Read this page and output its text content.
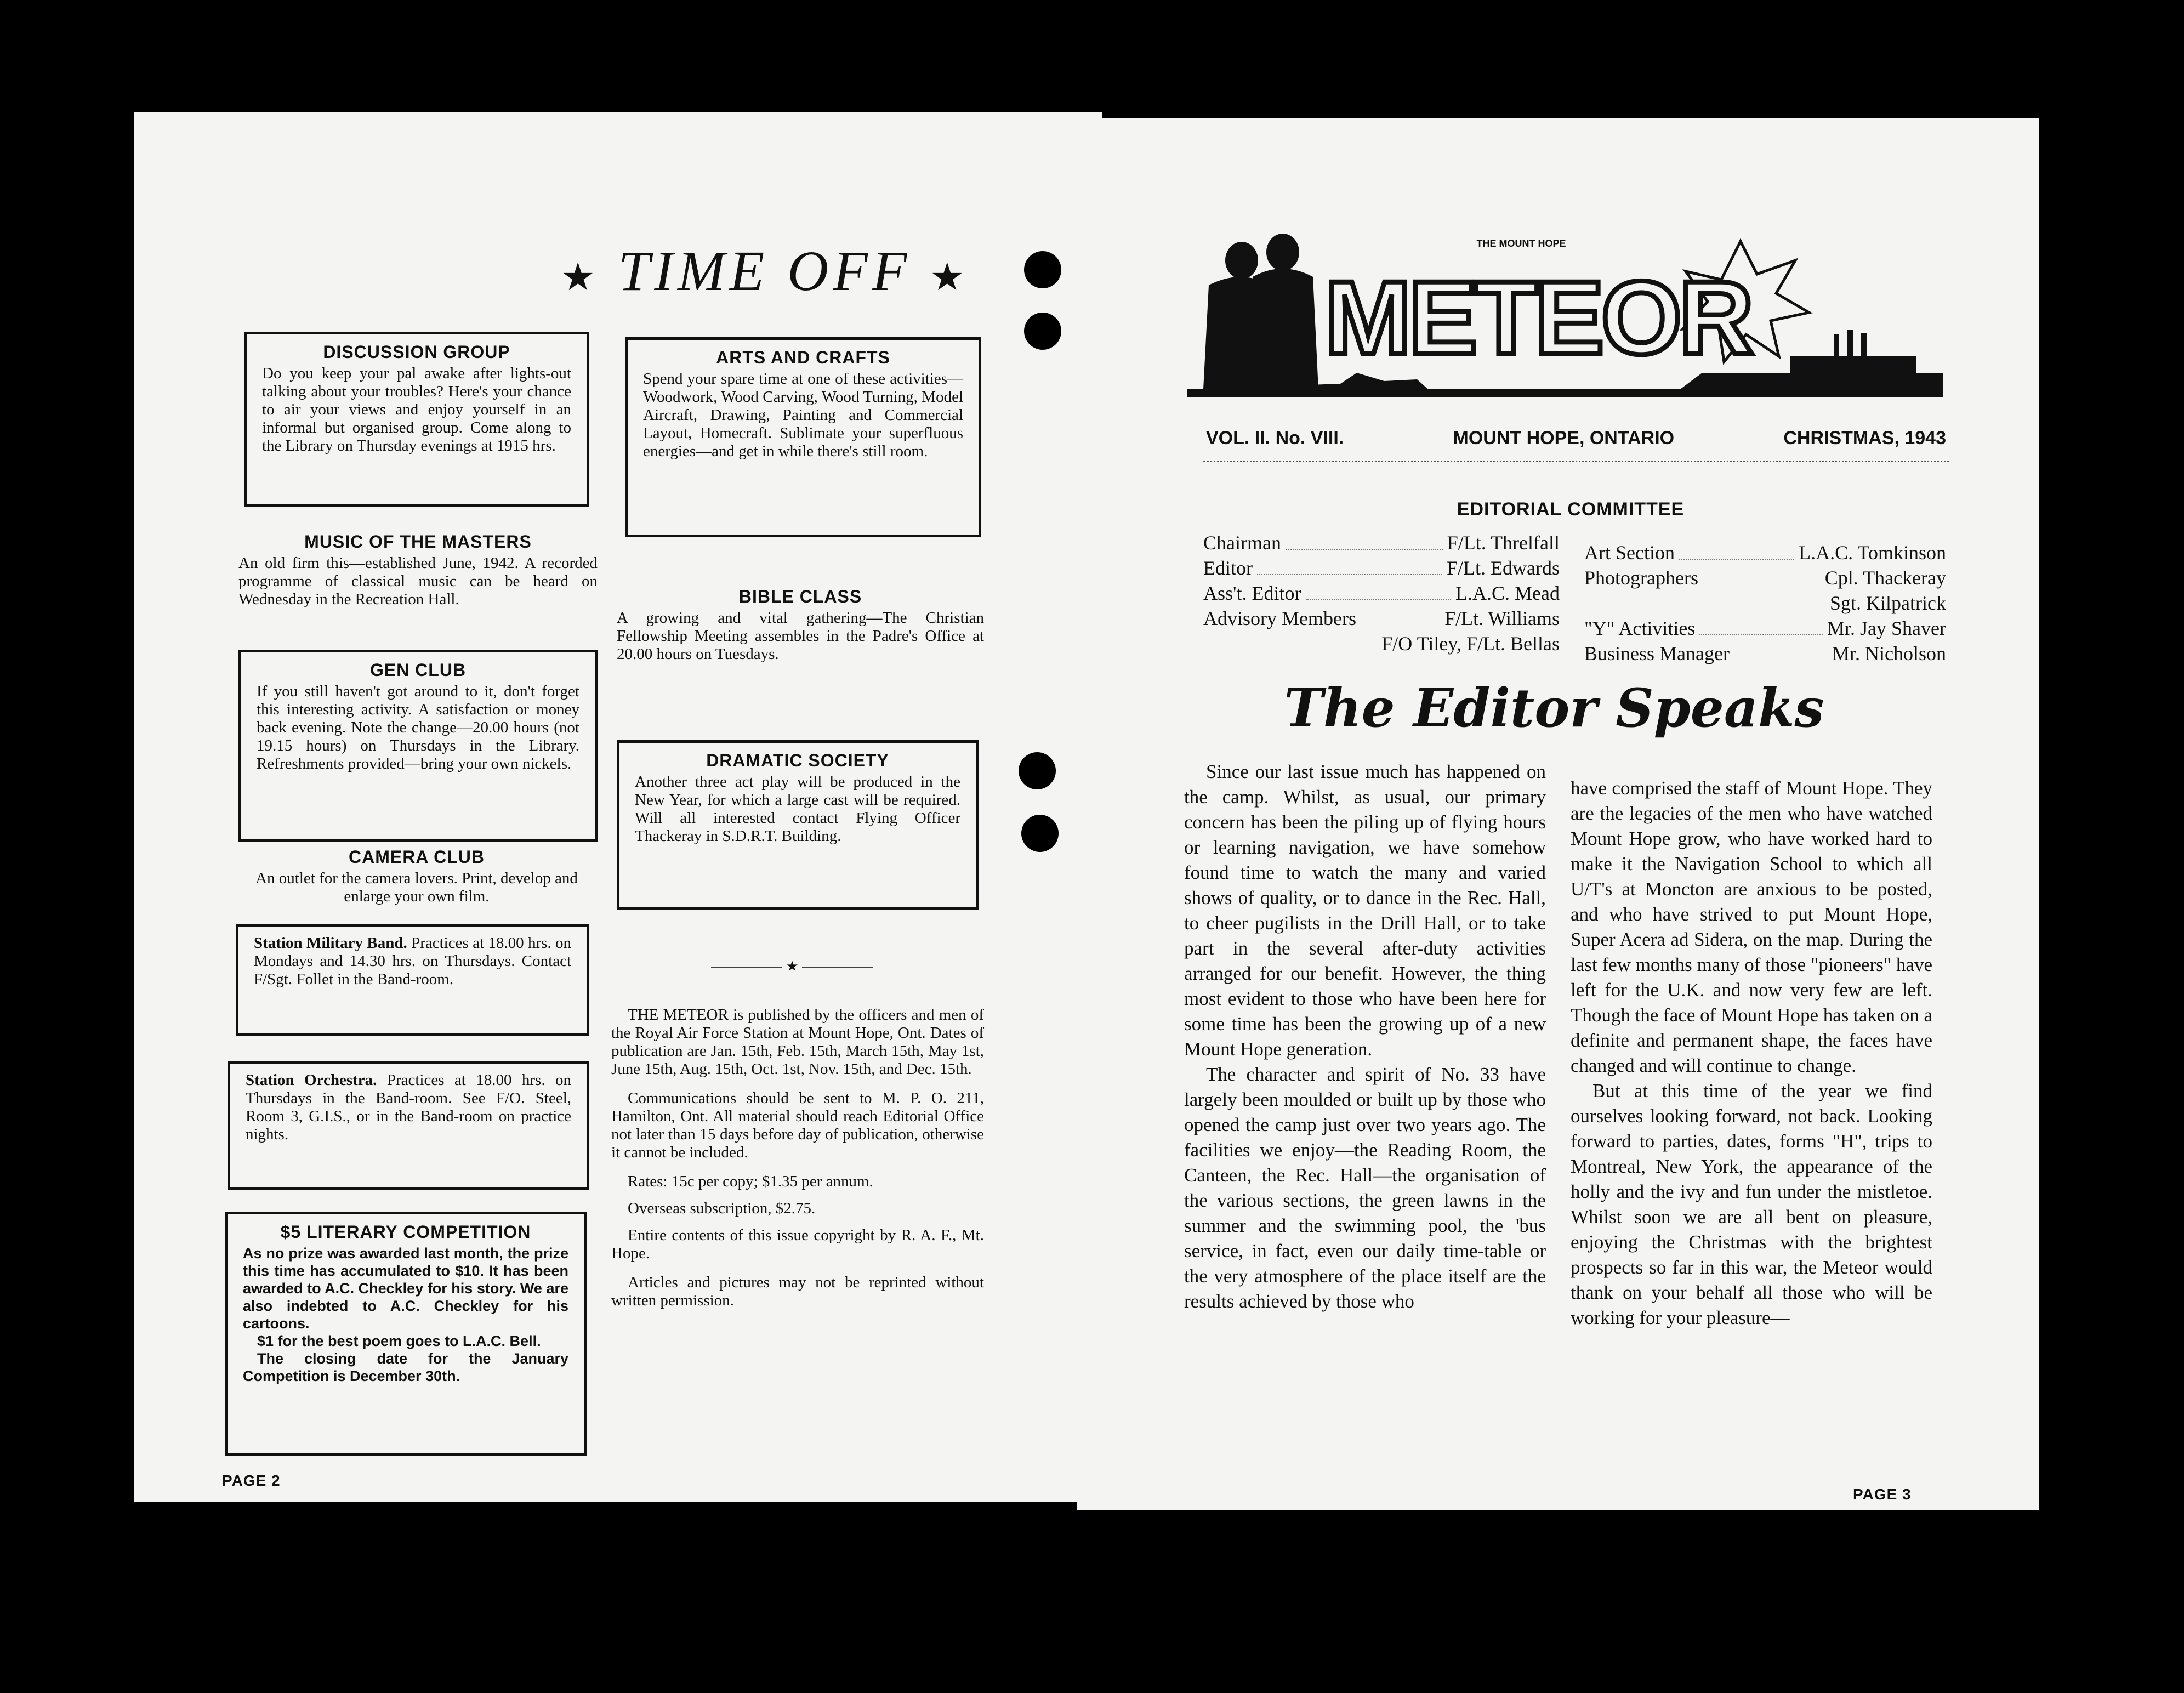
★ TIME OFF ★
DISCUSSION GROUP

Do you keep your pal awake after lights-out talking about your troubles? Here's your chance to air your views and enjoy yourself in an informal but organised group. Come along to the Library on Thursday evenings at 1915 hrs.

MUSIC OF THE MASTERS

An old firm this—established June, 1942. A recorded programme of classical music can be heard on Wednesday in the Recreation Hall.

GEN CLUB

If you still haven't got around to it, don't forget this interesting activity. A satisfaction or money back evening. Note the change—20.00 hours (not 19.15 hours) on Thursdays in the Library. Refreshments provided—bring your own nickels.

CAMERA CLUB

An outlet for the camera lovers. Print, develop and enlarge your own film.

Station Military Band. Practices at 18.00 hrs. on Mondays and 14.30 hrs. on Thursdays. Contact F/Sgt. Follet in the Band-room.

Station Orchestra. Practices at 18.00 hrs. on Thursdays in the Band-room. See F/O. Steel, Room 3, G.I.S., or in the Band-room on practice nights.

$5 LITERARY COMPETITION

As no prize was awarded last month, the prize this time has accumulated to $10. It has been awarded to A.C. Checkley for his story. We are also indebted to A.C. Checkley for his cartoons.

$1 for the best poem goes to L.A.C. Bell.

The closing date for the January Competition is December 30th.

ARTS AND CRAFTS

Spend your spare time at one of these activities—Woodwork, Wood Carving, Wood Turning, Model Aircraft, Drawing, Painting and Commercial Layout, Homecraft. Sublimate your superfluous energies—and get in while there's still room.

BIBLE CLASS

A growing and vital gathering—The Christian Fellowship Meeting assembles in the Padre's Office at 20.00 hours on Tuesdays.

DRAMATIC SOCIETY

Another three act play will be produced in the New Year, for which a large cast will be required. Will all interested contact Flying Officer Thackeray in S.D.R.T. Building.

★

THE METEOR is published by the officers and men of the Royal Air Force Station at Mount Hope, Ont. Dates of publication are Jan. 15th, Feb. 15th, March 15th, May 1st, June 15th, Aug. 15th, Oct. 1st, Nov. 15th, and Dec. 15th.

Communications should be sent to M. P. O. 211, Hamilton, Ont. All material should reach Editorial Office not later than 15 days before day of publication, otherwise it cannot be included.

Rates: 15c per copy; $1.35 per annum.

Overseas subscription, $2.75.

Entire contents of this issue copyright by R. A. F., Mt. Hope.

Articles and pictures may not be reprinted without written permission.

PAGE 2
THE MOUNT HOPE
METEOR
VOL. II. No. VIII.	MOUNT HOPE, ONTARIO	CHRISTMAS, 1943
EDITORIAL COMMITTEE
Chairman	F/Lt. Threlfall
Editor	F/Lt. Edwards
Ass't. Editor	L.A.C. Mead
Advisory Members	F/Lt. Williams
F/O Tiley, F/Lt. Bellas
Art Section	L.A.C. Tomkinson
Photographers	Cpl. Thackeray
Sgt. Kilpatrick
"Y" Activities	Mr. Jay Shaver
Business Manager	Mr. Nicholson
The Editor Speaks

Since our last issue much has happened on the camp. Whilst, as usual, our primary concern has been the piling up of flying hours or learning navigation, we have somehow found time to watch the many and varied shows of quality, or to dance in the Rec. Hall, to cheer pugilists in the Drill Hall, or to take part in the several after-duty activities arranged for our benefit. However, the thing most evident to those who have been here for some time has been the growing up of a new Mount Hope generation.

The character and spirit of No. 33 have largely been moulded or built up by those who opened the camp just over two years ago. The facilities we enjoy—the Reading Room, the Canteen, the Rec. Hall—the organisation of the various sections, the green lawns in the summer and the swimming pool, the 'bus service, in fact, even our daily time-table or the very atmosphere of the place itself are the results achieved by those who

have comprised the staff of Mount Hope. They are the legacies of the men who have watched Mount Hope grow, who have worked hard to make it the Navigation School to which all U/T's at Moncton are anxious to be posted, and who have strived to put Mount Hope, Super Acera ad Sidera, on the map. During the last few months many of those "pioneers" have left for the U.K. and now very few are left. Though the face of Mount Hope has taken on a definite and permanent shape, the faces have changed and will continue to change.

But at this time of the year we find ourselves looking forward, not back. Looking forward to parties, dates, forms "H", trips to Montreal, New York, the appearance of the holly and the ivy and fun under the mistletoe. Whilst soon we are all bent on pleasure, enjoying the Christmas with the brightest prospects so far in this war, the Meteor would thank on your behalf all those who will be working for your pleasure—

PAGE 3
